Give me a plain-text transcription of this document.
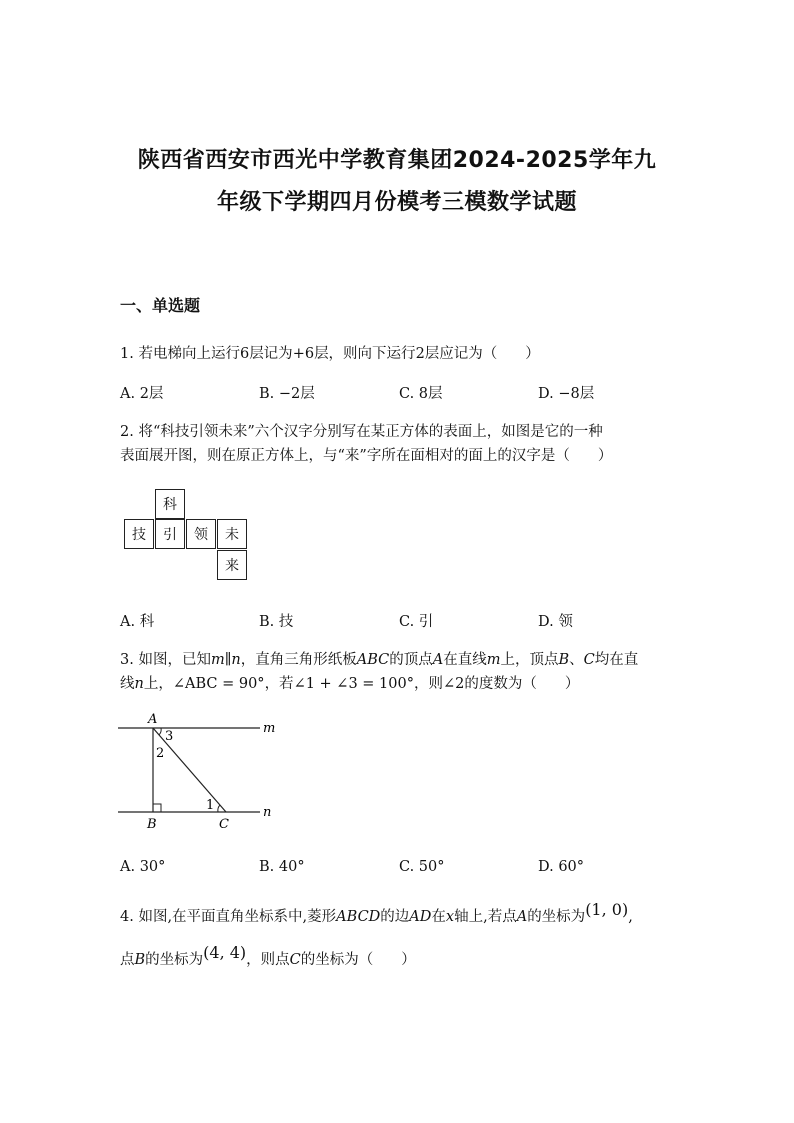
陕西省西安市西光中学教育集团2024-2025学年九
年级下学期四月份模考三模数学试题
一、单选题
1. 若电梯向上运行6层记为+6层，则向下运行2层应记为（ ）
A. 2层	B. −2层	C. 8层	D. −8层
2. 将“科技引领未来”六个汉字分别写在某正方体的表面上，如图是它的一种
表面展开图，则在原正方体上，与“来”字所在面相对的面上的汉字是（ ）
科
技	引	领	未
来
A. 科	B. 技	C. 引	D. 领
3. 如图，已知m∥n，直角三角形纸板ABC的顶点A在直线m上，顶点B、C均在直
线n上，∠ABC = 90°，若∠1 + ∠3 = 100°，则∠2的度数为（ ）
A
B	C
m
n
3
2
1
A. 30°	B. 40°	C. 50°	D. 60°
4. 如图,在平面直角坐标系中,菱形ABCD的边AD在x轴上,若点A的坐标为(1, 0),
点B的坐标为(4, 4)，则点C的坐标为（ ）
